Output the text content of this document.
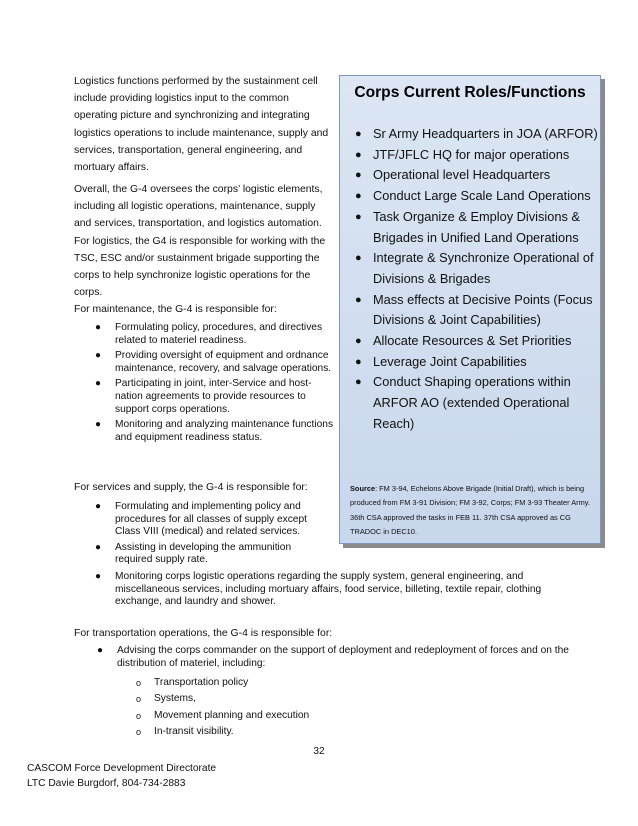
Logistics functions performed by the sustainment cell include providing logistics input to the common operating picture and synchronizing and integrating logistics operations to include maintenance, supply and services, transportation, general engineering, and mortuary affairs.

Overall, the G-4 oversees the corps’ logistic elements, including all logistic operations, maintenance, supply and services, transportation, and logistics automation. For logistics, the G4 is responsible for working with the TSC, ESC and/or sustainment brigade supporting the corps to help synchronize logistic operations for the corps.

For maintenance, the G-4 is responsible for:

● Formulating policy, procedures, and directives related to materiel readiness.
● Providing oversight of equipment and ordnance maintenance, recovery, and salvage operations.
● Participating in joint, inter-Service and host-nation agreements to provide resources to support corps operations.
● Monitoring and analyzing maintenance functions and equipment readiness status.

For services and supply, the G-4 is responsible for:

● Formulating and implementing policy and procedures for all classes of supply except Class VIII (medical) and related services.
● Assisting in developing the ammunition required supply rate.
● Monitoring corps logistic operations regarding the supply system, general engineering, and miscellaneous services, including mortuary affairs, food service, billeting, textile repair, clothing exchange, and laundry and shower.

For transportation operations, the G-4 is responsible for:

● Advising the corps commander on the support of deployment and redeployment of forces and on the distribution of materiel, including:
o Transportation policy
o Systems,
o Movement planning and execution
o In-transit visibility.
Corps Current Roles/Functions
● Sr Army Headquarters in JOA (ARFOR)
● JTF/JFLC HQ for major operations
● Operational level Headquarters
● Conduct Large Scale Land Operations
● Task Organize & Employ Divisions & Brigades in Unified Land Operations
● Integrate & Synchronize Operational of Divisions & Brigades
● Mass effects at Decisive Points (Focus Divisions & Joint Capabilities)
● Allocate Resources & Set Priorities
● Leverage Joint Capabilities
● Conduct Shaping operations within ARFOR AO (extended Operational Reach)

Source: FM 3-94, Echelons Above Brigade (Initial Draft), which is being produced from FM 3-91 Division; FM 3-92, Corps; FM 3-93 Theater Army. 36th CSA approved the tasks in FEB 11. 37th CSA approved as CG TRADOC in DEC10.

32

CASCOM Force Development Directorate
LTC Davie Burgdorf, 804-734-2883
